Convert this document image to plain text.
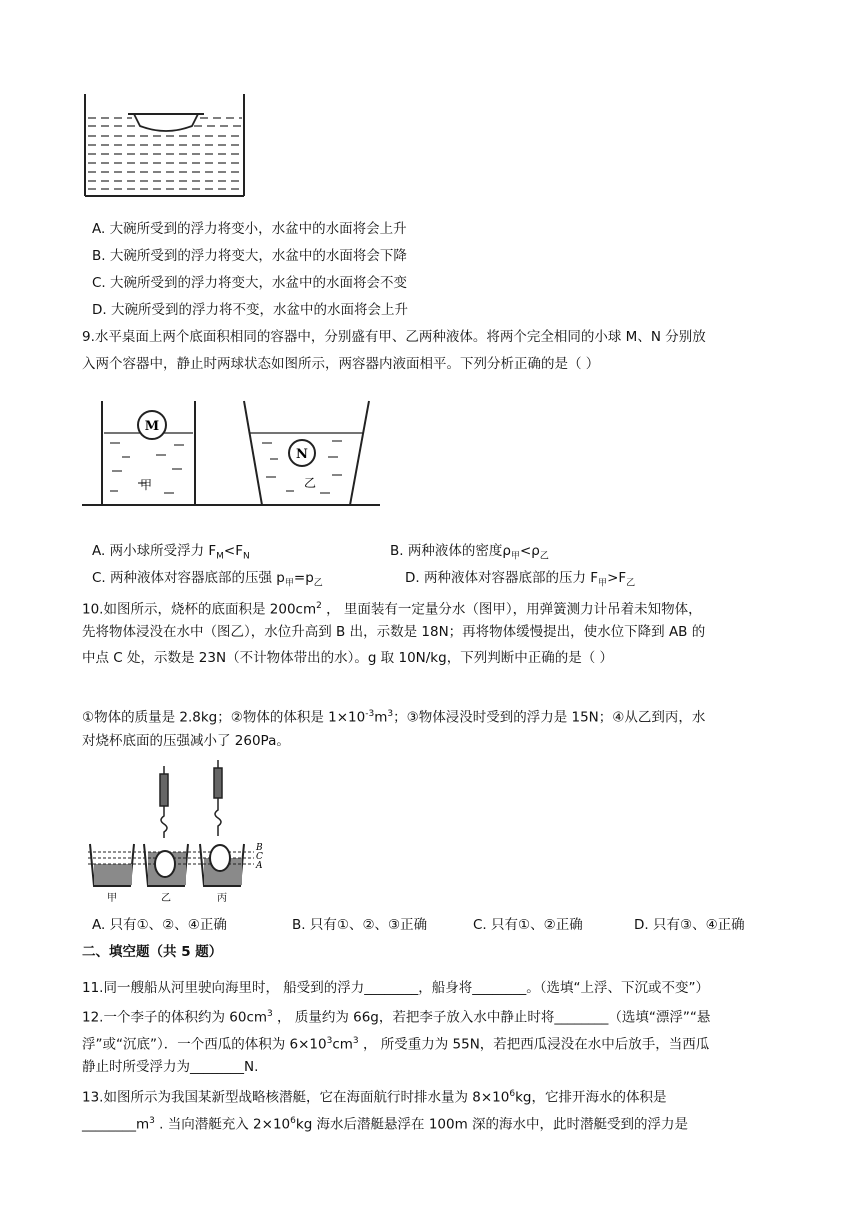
A. 大碗所受到的浮力将变小，水盆中的水面将会上升
B. 大碗所受到的浮力将变大，水盆中的水面将会下降
C. 大碗所受到的浮力将变大，水盆中的水面将会不变
D. 大碗所受到的浮力将不变，水盆中的水面将会上升
9.水平桌面上两个底面积相同的容器中，分别盛有甲、乙两种液体。将两个完全相同的小球 M、N 分别放
入两个容器中，静止时两球状态如图所示，两容器内液面相平。下列分析正确的是（ ）
M
N
甲	乙
A. 两小球所受浮力 $F_M<F_N$	B. 两种液体的密度$\rho_甲<\rho_乙$
C. 两种液体对容器底部的压强 $p_甲=p_乙$	D. 两种液体对容器底部的压力 $F_甲>F_乙$
10.如图所示，烧杯的底面积是 $200cm^2$ ， 里面装有一定量分水（图甲），用弹簧测力计吊着未知物体，
先将物体浸没在水中（图乙），水位升高到 B 出，示数是 18N；再将物体缓慢提出，使水位下降到 AB 的
中点 C 处，示数是 23N（不计物体带出的水）。g 取 10N/kg，下列判断中正确的是（ ）
①物体的质量是 2.8kg；②物体的体积是 $1\times 10^{-3}m^3$；③物体浸没时受到的浮力是 15N；④从乙到丙，水
对烧杯底面的压强减小了 260Pa。
B
C
A
甲	乙	丙
A. 只有①、②、④正确	B. 只有①、②、③正确	C. 只有①、②正确	D. 只有③、④正确
二、填空题（共 5 题）
11.同一艘船从河里驶向海里时， 船受到的浮力________，船身将________。（选填“上浮、下沉或不变”）
12.一个李子的体积约为 $60cm^3$ ， 质量约为 66g，若把李子放入水中静止时将________（选填“漂浮”“悬
浮”或“沉底”）．一个西瓜的体积为 $6\times 10^3cm^3$ ， 所受重力为 55N，若把西瓜浸没在水中后放手，当西瓜
静止时所受浮力为________N.
13.如图所示为我国某新型战略核潜艇，它在海面航行时排水量为 $8\times 10^6kg$，它排开海水的体积是
$\_\_\_\_\_\_\_\_m^3$ . 当向潜艇充入 $2\times 10^6kg$ 海水后潜艇悬浮在 100m 深的海水中，此时潜艇受到的浮力是
